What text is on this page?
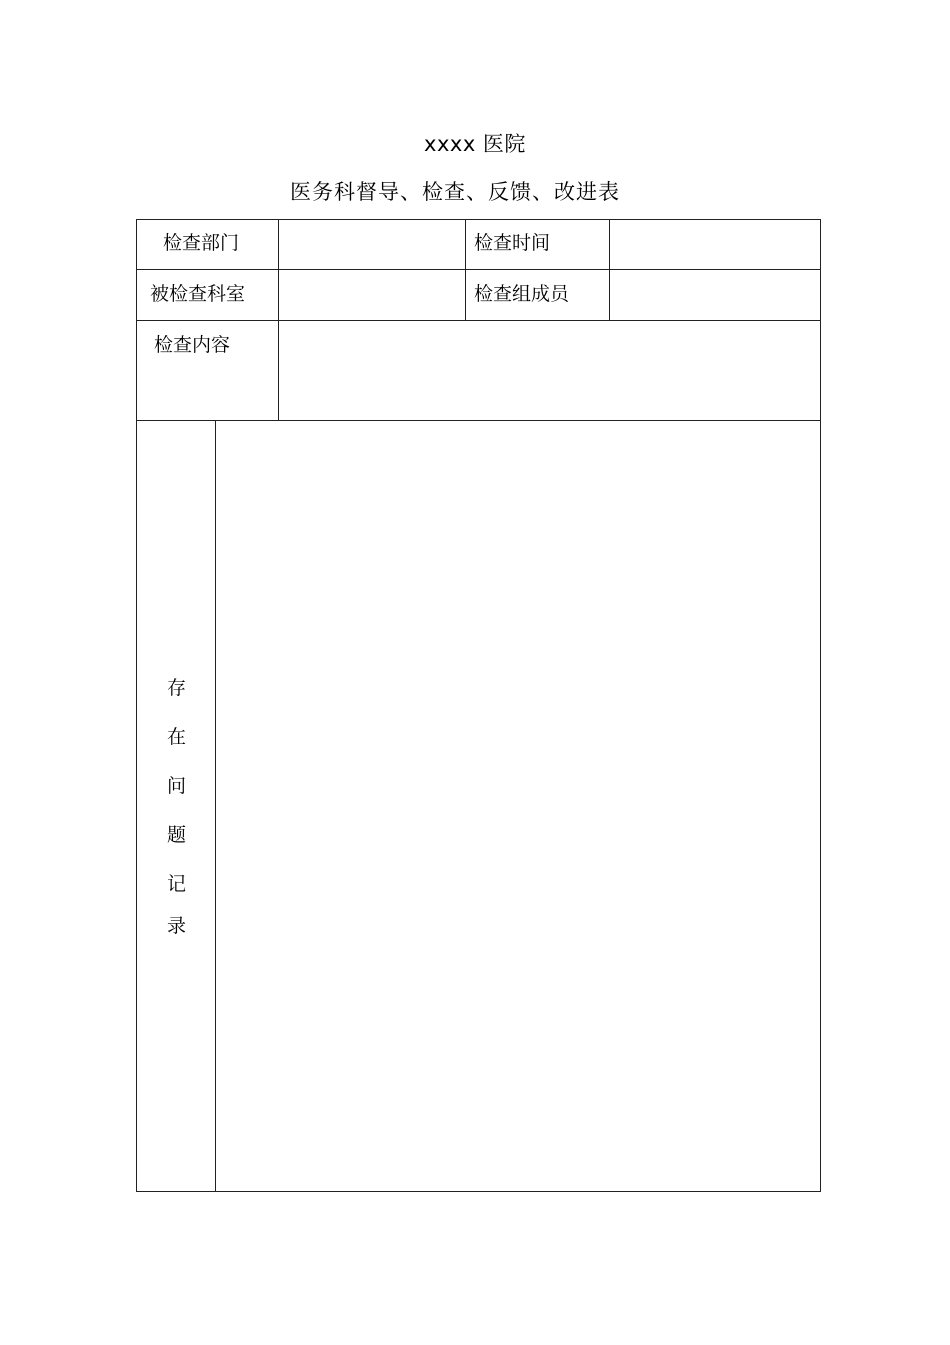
xxxx 医院
医务科督导、检查、反馈、改进表
检查部门	检查时间
被检查科室	检查组成员
检查内容
存
在
问
题
记
录
